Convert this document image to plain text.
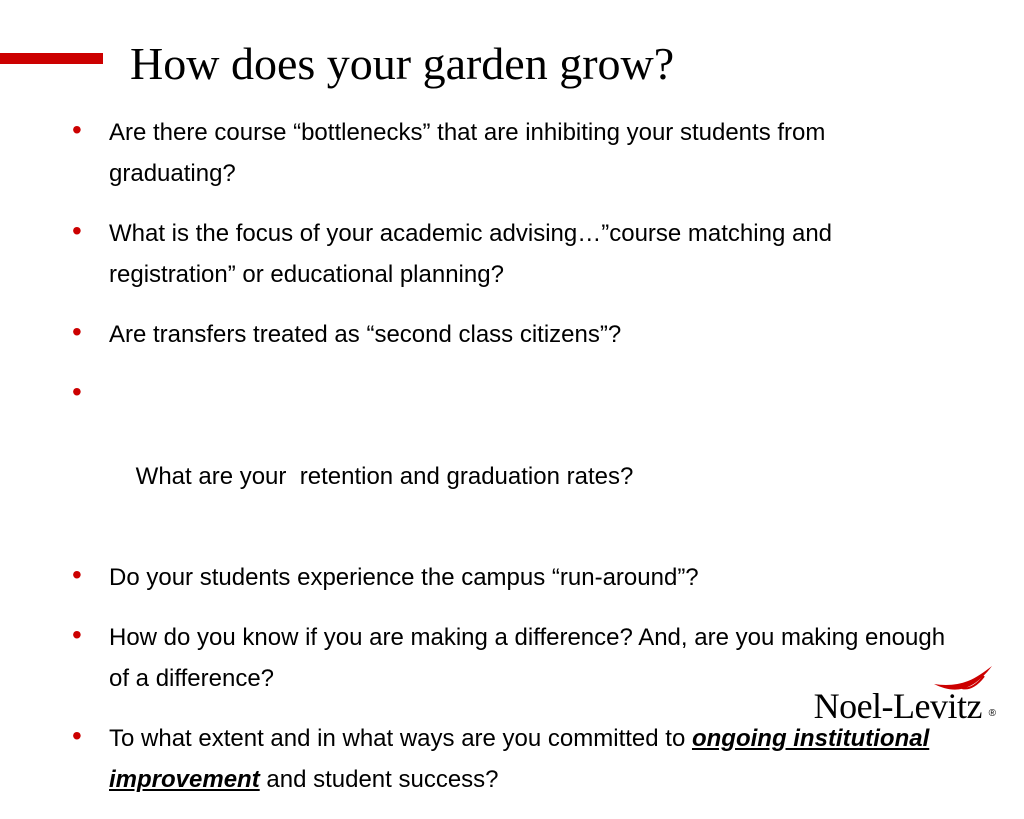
How does your garden grow?
• Are there course “bottlenecks” that are inhibiting your students from graduating?
• What is the focus of your academic advising…”course matching and registration” or educational planning?
• Are transfers treated as “second class citizens”?

•

What are your  retention and graduation rates?

• Do your students experience the campus “run-around”?
• How do you know if you are making a difference? And, are you making enough of a difference?
• To what extent and in what ways are you committed to ongoing institutional improvement and student success?
Noel-Levitz ®
